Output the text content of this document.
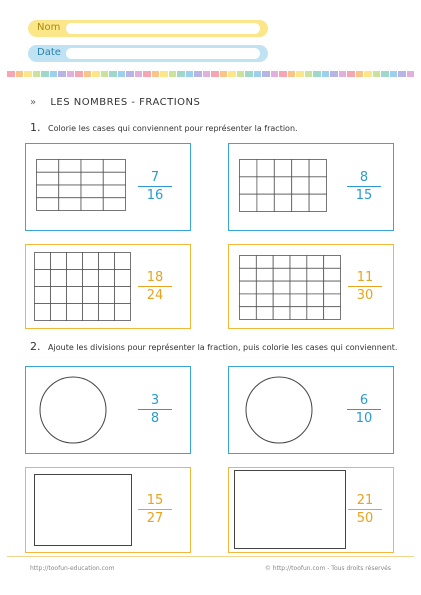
Nom
Date
» LES NOMBRES - FRACTIONS
1. Colorie les cases qui conviennent pour représenter la fraction.
7
16
8
15
18
24
11
30
2. Ajoute les divisions pour représenter la fraction, puis colorie les cases qui conviennent.
3
8
6
10
15
27
21
50
http://toofun-education.com	© http://toofun.com - Tous droits réservés
